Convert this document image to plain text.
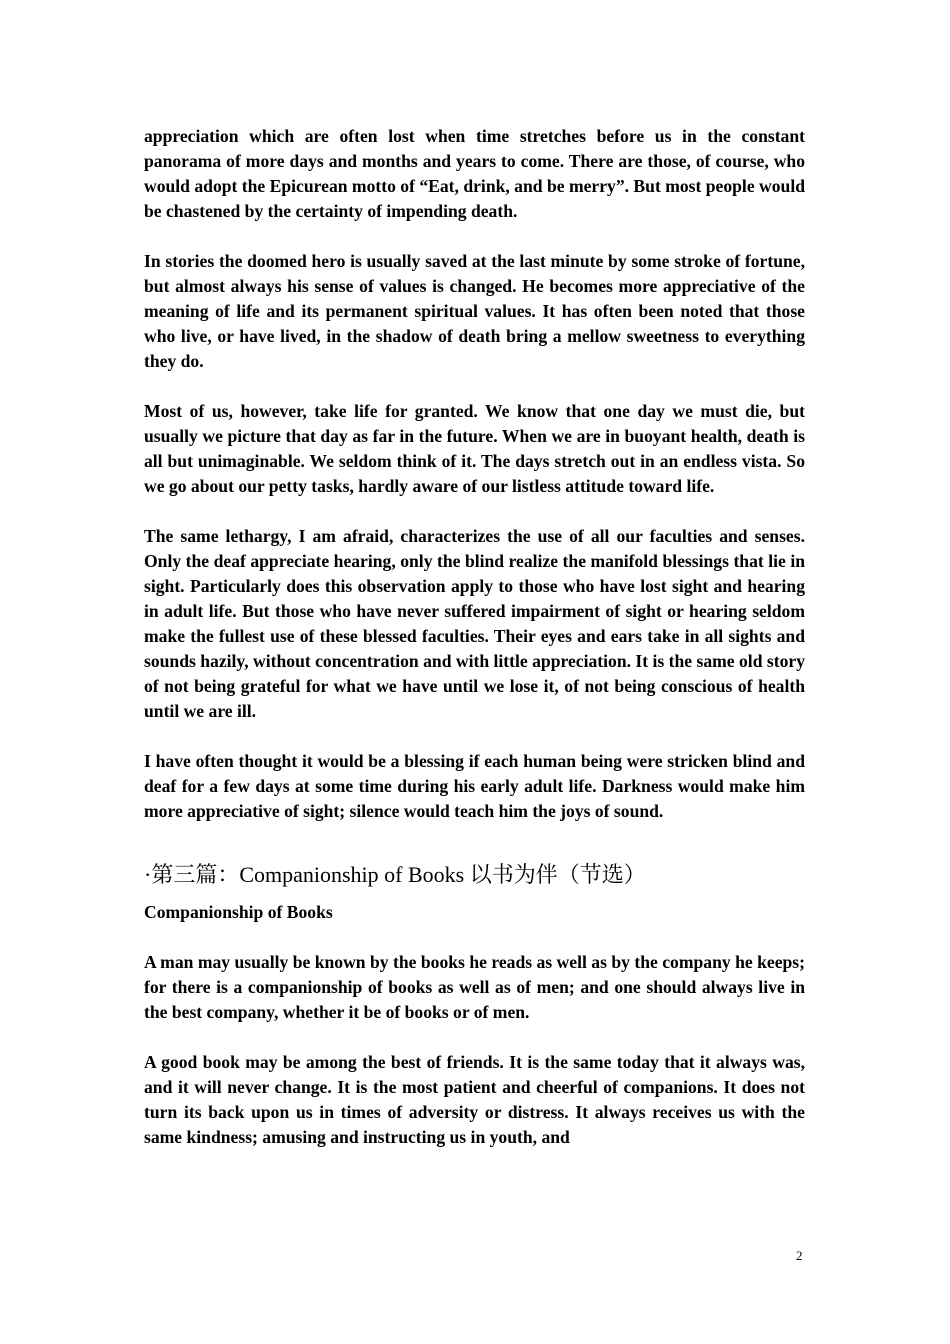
appreciation which are often lost when time stretches before us in the constant panorama of more days and months and years to come. There are those, of course, who would adopt the Epicurean motto of “Eat, drink, and be merry”. But most people would be chastened by the certainty of impending death.

In stories the doomed hero is usually saved at the last minute by some stroke of fortune, but almost always his sense of values is changed. He becomes more appreciative of the meaning of life and its permanent spiritual values. It has often been noted that those who live, or have lived, in the shadow of death bring a mellow sweetness to everything they do.

Most of us, however, take life for granted. We know that one day we must die, but usually we picture that day as far in the future. When we are in buoyant health, death is all but unimaginable. We seldom think of it. The days stretch out in an endless vista. So we go about our petty tasks, hardly aware of our listless attitude toward life.

The same lethargy, I am afraid, characterizes the use of all our faculties and senses. Only the deaf appreciate hearing, only the blind realize the manifold blessings that lie in sight. Particularly does this observation apply to those who have lost sight and hearing in adult life. But those who have never suffered impairment of sight or hearing seldom make the fullest use of these blessed faculties. Their eyes and ears take in all sights and sounds hazily, without concentration and with little appreciation. It is the same old story of not being grateful for what we have until we lose it, of not being conscious of health until we are ill.

I have often thought it would be a blessing if each human being were stricken blind and deaf for a few days at some time during his early adult life. Darkness would make him more appreciative of sight; silence would teach him the joys of sound.

·第三篇：Companionship of Books 以书为伴（节选）

Companionship of Books

A man may usually be known by the books he reads as well as by the company he keeps; for there is a companionship of books as well as of men; and one should always live in the best company, whether it be of books or of men.

A good book may be among the best of friends. It is the same today that it always was, and it will never change. It is the most patient and cheerful of companions. It does not turn its back upon us in times of adversity or distress. It always receives us with the same kindness; amusing and instructing us in youth, and

2
